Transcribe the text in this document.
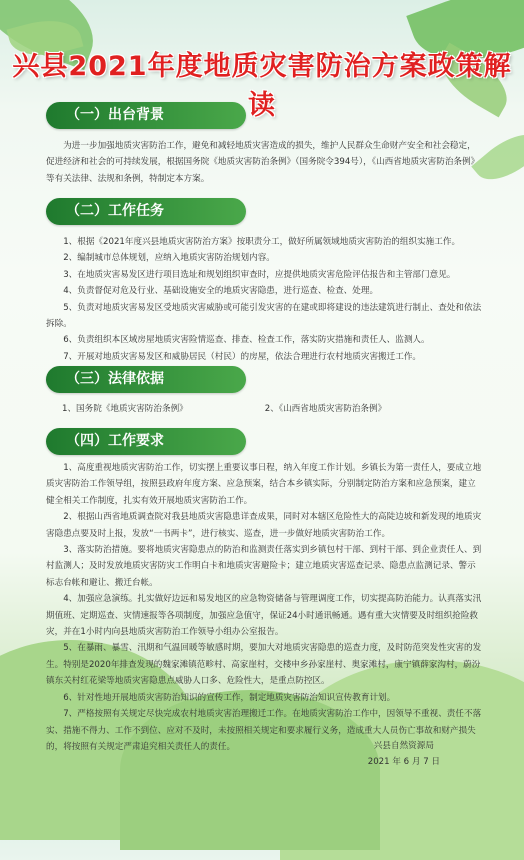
兴县2021年度地质灾害防治方案政策解读
（一）出台背景

为进一步加强地质灾害防治工作，避免和减轻地质灾害造成的损失，维护人民群众生命财产安全和社会稳定，促进经济和社会的可持续发展，根据国务院《地质灾害防治条例》（国务院令394号），《山西省地质灾害防治条例》等有关法律、法规和条例，特制定本方案。

（二）工作任务
1、根据《2021年度兴县地质灾害防治方案》按职责分工，做好所属领域地质灾害防治的组织实施工作。
2、编制城市总体规划，应纳入地质灾害防治规划内容。
3、在地质灾害易发区进行项目选址和规划组织审查时，应提供地质灾害危险评估报告和主管部门意见。
4、负责督促对危及行业、基础设施安全的地质灾害隐患，进行巡查、检查、处理。
5、负责对地质灾害易发区受地质灾害威胁或可能引发灾害的在建或即将建设的违法建筑进行制止、查处和依法拆除。
6、负责组织本区域房屋地质灾害险情巡查、排查、检查工作，落实防灾措施和责任人、监测人。
7、开展对地质灾害易发区和威胁居民（村民）的房屋，依法合理进行农村地质灾害搬迁工作。
（三）法律依据
1、国务院《地质灾害防治条例》	2、《山西省地质灾害防治条例》
（四）工作要求
1、高度重视地质灾害防治工作，切实摆上重要议事日程，纳入年度工作计划。乡镇长为第一责任人，要成立地质灾害防治工作领导组，按照县政府年度方案、应急预案，结合本乡镇实际，分别制定防治方案和应急预案，建立健全相关工作制度，扎实有效开展地质灾害防治工作。
2、根据山西省地质调查院对我县地质灾害隐患详查成果，同时对本辖区危险性大的高陡边坡和新发现的地质灾害隐患点要及时上报，发放“一书两卡”，进行核实、巡查，进一步做好地质灾害防治工作。
3、落实防治措施。要将地质灾害隐患点的防治和监测责任落实到乡镇包村干部、到村干部、到企业责任人、到村监测人；及时发放地质灾害防灾工作明白卡和地质灾害避险卡；建立地质灾害巡查记录、隐患点监测记录、警示标志台帐和避让、搬迁台帐。
4、加强应急演练。扎实做好边远和易发地区的应急物资储备与管理调度工作，切实提高防治能力。认真落实汛期值班、定期巡查、灾情速报等各项制度，加强应急值守，保证24小时通讯畅通。遇有重大灾情要及时组织抢险救灾，并在1小时内向县地质灾害防治工作领导小组办公室报告。
5、在暴雨、暴雪、汛期和气温回暖等敏感时期，要加大对地质灾害隐患的巡查力度，及时防范突发性灾害的发生。特别是2020年排查发现的魏家滩镇范畛村、高家崖村，交楼申乡孙家崖村、奥家滩村，康宁镇薛家沟村，蔚汾镇东关村红花梁等地质灾害隐患点威胁人口多、危险性大，是重点防控区。
6、针对性地开展地质灾害防治知识的宣传工作，制定地质灾害防治知识宣传教育计划。
7、严格按照有关规定尽快完成农村地质灾害治理搬迁工作。在地质灾害防治工作中，因领导不重视、责任不落实、措施不得力、工作不到位、应对不及时，未按照相关规定和要求履行义务，造成重大人员伤亡事故和财产损失的，将按照有关规定严肃追究相关责任人的责任。	兴县自然资源局
2021 年 6 月 7 日
